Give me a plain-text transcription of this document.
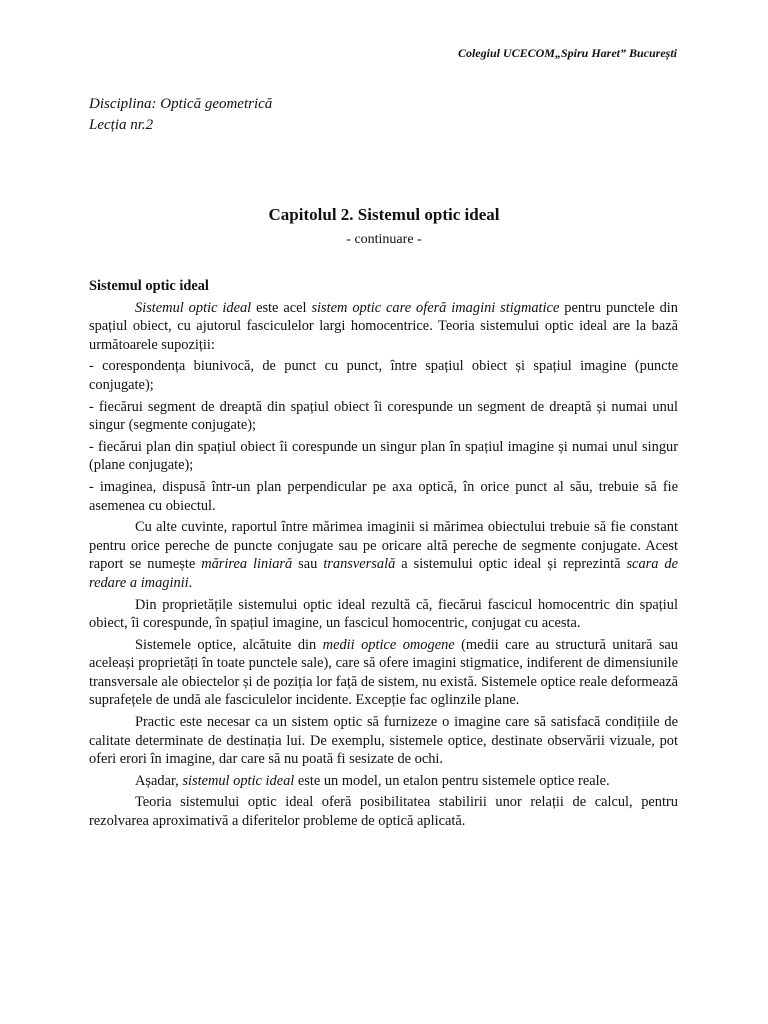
Colegiul UCECOM„Spiru Haret” București
Disciplina: Optică geometrică
Lecția nr.2
Capitolul 2. Sistemul optic ideal
- continuare -

Sistemul optic ideal

Sistemul optic ideal este acel sistem optic care oferă imagini stigmatice pentru punctele din spațiul obiect, cu ajutorul fasciculelor largi homocentrice. Teoria sistemului optic ideal are la bază următoarele supoziții:

- corespondența biunivocă, de punct cu punct, între spațiul obiect și spațiul imagine (puncte conjugate);

- fiecărui segment de dreaptă din spațiul obiect îi corespunde un segment de dreaptă și numai unul singur (segmente conjugate);

- fiecărui plan din spațiul obiect îi corespunde un singur plan în spațiul imagine și numai unul singur (plane conjugate);

- imaginea, dispusă într-un plan perpendicular pe axa optică, în orice punct al său, trebuie să fie asemenea cu obiectul.

Cu alte cuvinte, raportul între mărimea imaginii si mărimea obiectului trebuie să fie constant pentru orice pereche de puncte conjugate sau pe oricare altă pereche de segmente conjugate. Acest raport se numește mărirea liniară sau transversală a sistemului optic ideal și reprezintă scara de redare a imaginii.

Din proprietățile sistemului optic ideal rezultă că, fiecărui fascicul homocentric din spațiul obiect, îi corespunde, în spațiul imagine, un fascicul homocentric, conjugat cu acesta.

Sistemele optice, alcătuite din medii optice omogene (medii care au structură unitară sau aceleași proprietăți în toate punctele sale), care să ofere imagini stigmatice, indiferent de dimensiunile transversale ale obiectelor și de poziția lor față de sistem, nu există. Sistemele optice reale deformează suprafețele de undă ale fasciculelor incidente. Excepție fac oglinzile plane.

Practic este necesar ca un sistem optic să furnizeze o imagine care să satisfacă condițiile de calitate determinate de destinația lui. De exemplu, sistemele optice, destinate observării vizuale, pot oferi erori în imagine, dar care să nu poată fi sesizate de ochi.

Așadar, sistemul optic ideal este un model, un etalon pentru sistemele optice reale.

Teoria sistemului optic ideal oferă posibilitatea stabilirii unor relații de calcul, pentru rezolvarea aproximativă a diferitelor probleme de optică aplicată.
